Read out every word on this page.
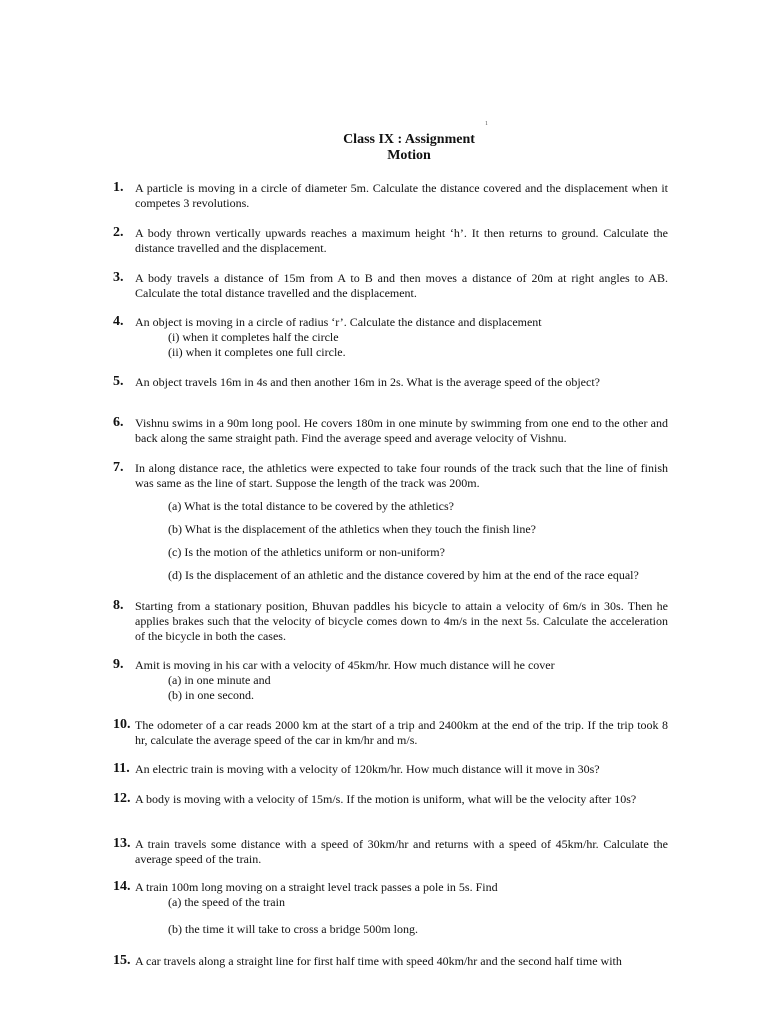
1
Class IX : Assignment
Motion
1. A particle is moving in a circle of diameter 5m. Calculate the distance covered and the displacement when it competes 3 revolutions.
2. A body thrown vertically upwards reaches a maximum height ‘h’. It then returns to ground. Calculate the distance travelled and the displacement.
3. A body travels a distance of 15m from A to B and then moves a distance of 20m at right angles to AB. Calculate the total distance travelled and the displacement.
4. An object is moving in a circle of radius ‘r’. Calculate the distance and displacement
(i) when it completes half the circle
(ii) when it completes one full circle.
5. An object travels 16m in 4s and then another 16m in 2s. What is the average speed of the object?
6. Vishnu swims in a 90m long pool. He covers 180m in one minute by swimming from one end to the other and back along the same straight path. Find the average speed and average velocity of Vishnu.
7. In along distance race, the athletics were expected to take four rounds of the track such that the line of finish was same as the line of start. Suppose the length of the track was 200m.
(a) What is the total distance to be covered by the athletics?
(b) What is the displacement of the athletics when they touch the finish line?
(c) Is the motion of the athletics uniform or non-uniform?
(d) Is the displacement of an athletic and the distance covered by him at the end of the race equal?
8. Starting from a stationary position, Bhuvan paddles his bicycle to attain a velocity of 6m/s in 30s. Then he applies brakes such that the velocity of bicycle comes down to 4m/s in the next 5s. Calculate the acceleration of the bicycle in both the cases.
9. Amit is moving in his car with a velocity of 45km/hr. How much distance will he cover
(a) in one minute and
(b) in one second.
10. The odometer of a car reads 2000 km at the start of a trip and 2400km at the end of the trip. If the trip took 8 hr, calculate the average speed of the car in km/hr and m/s.
11. An electric train is moving with a velocity of 120km/hr. How much distance will it move in 30s?
12. A body is moving with a velocity of 15m/s. If the motion is uniform, what will be the velocity after 10s?
13. A train travels some distance with a speed of 30km/hr and returns with a speed of 45km/hr. Calculate the average speed of the train.
14. A train 100m long moving on a straight level track passes a pole in 5s. Find
(a) the speed of the train
(b) the time it will take to cross a bridge 500m long.
15. A car travels along a straight line for first half time with speed 40km/hr and the second half time with
